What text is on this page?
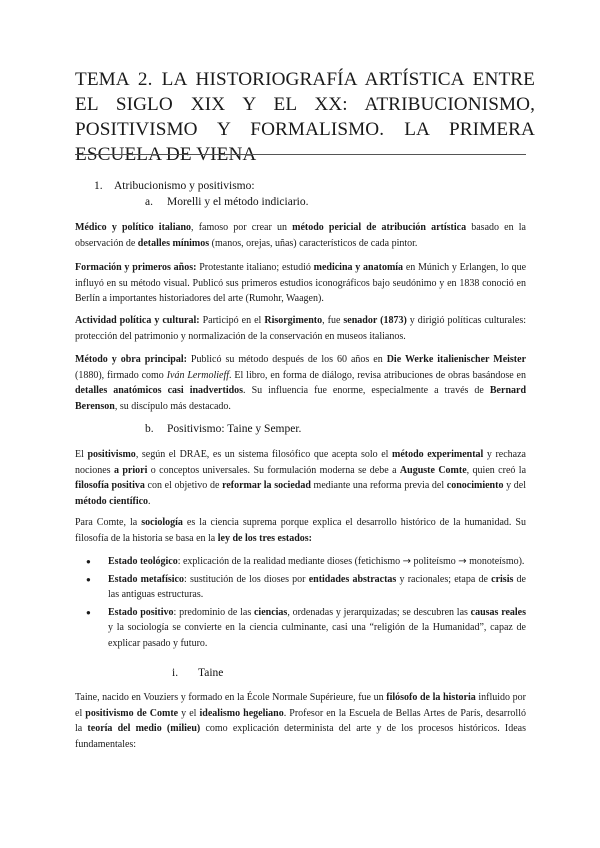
TEMA 2. LA HISTORIOGRAFÍA ARTÍSTICA ENTRE EL SIGLO XIX Y EL XX: ATRIBUCIONISMO, POSITIVISMO Y FORMALISMO. LA PRIMERA ESCUELA DE VIENA
1. Atribucionismo y positivismo:
a. Morelli y el método indiciario.
Médico y político italiano, famoso por crear un método pericial de atribución artística basado en la observación de detalles mínimos (manos, orejas, uñas) característicos de cada pintor.
Formación y primeros años: Protestante italiano; estudió medicina y anatomía en Múnich y Erlangen, lo que influyó en su método visual. Publicó sus primeros estudios iconográficos bajo seudónimo y en 1838 conoció en Berlín a importantes historiadores del arte (Rumohr, Waagen).
Actividad política y cultural: Participó en el Risorgimento, fue senador (1873) y dirigió políticas culturales: protección del patrimonio y normalización de la conservación en museos italianos.
Método y obra principal: Publicó su método después de los 60 años en Die Werke italienischer Meister (1880), firmado como Iván Lermolieff. El libro, en forma de diálogo, revisa atribuciones de obras basándose en detalles anatómicos casi inadvertidos. Su influencia fue enorme, especialmente a través de Bernard Berenson, su discípulo más destacado.
b. Positivismo: Taine y Semper.
El positivismo, según el DRAE, es un sistema filosófico que acepta solo el método experimental y rechaza nociones a priori o conceptos universales. Su formulación moderna se debe a Auguste Comte, quien creó la filosofía positiva con el objetivo de reformar la sociedad mediante una reforma previa del conocimiento y del método científico.
Para Comte, la sociología es la ciencia suprema porque explica el desarrollo histórico de la humanidad. Su filosofía de la historia se basa en la ley de los tres estados:
● Estado teológico: explicación de la realidad mediante dioses (fetichismo → politeísmo → monoteísmo).
● Estado metafísico: sustitución de los dioses por entidades abstractas y racionales; etapa de crisis de las antiguas estructuras.
● Estado positivo: predominio de las ciencias, ordenadas y jerarquizadas; se descubren las causas reales y la sociología se convierte en la ciencia culminante, casi una “religión de la Humanidad”, capaz de explicar pasado y futuro.
i. Taine
Taine, nacido en Vouziers y formado en la École Normale Supérieure, fue un filósofo de la historia influido por el positivismo de Comte y el idealismo hegeliano. Profesor en la Escuela de Bellas Artes de París, desarrolló la teoría del medio (milieu) como explicación determinista del arte y de los procesos históricos. Ideas fundamentales:
